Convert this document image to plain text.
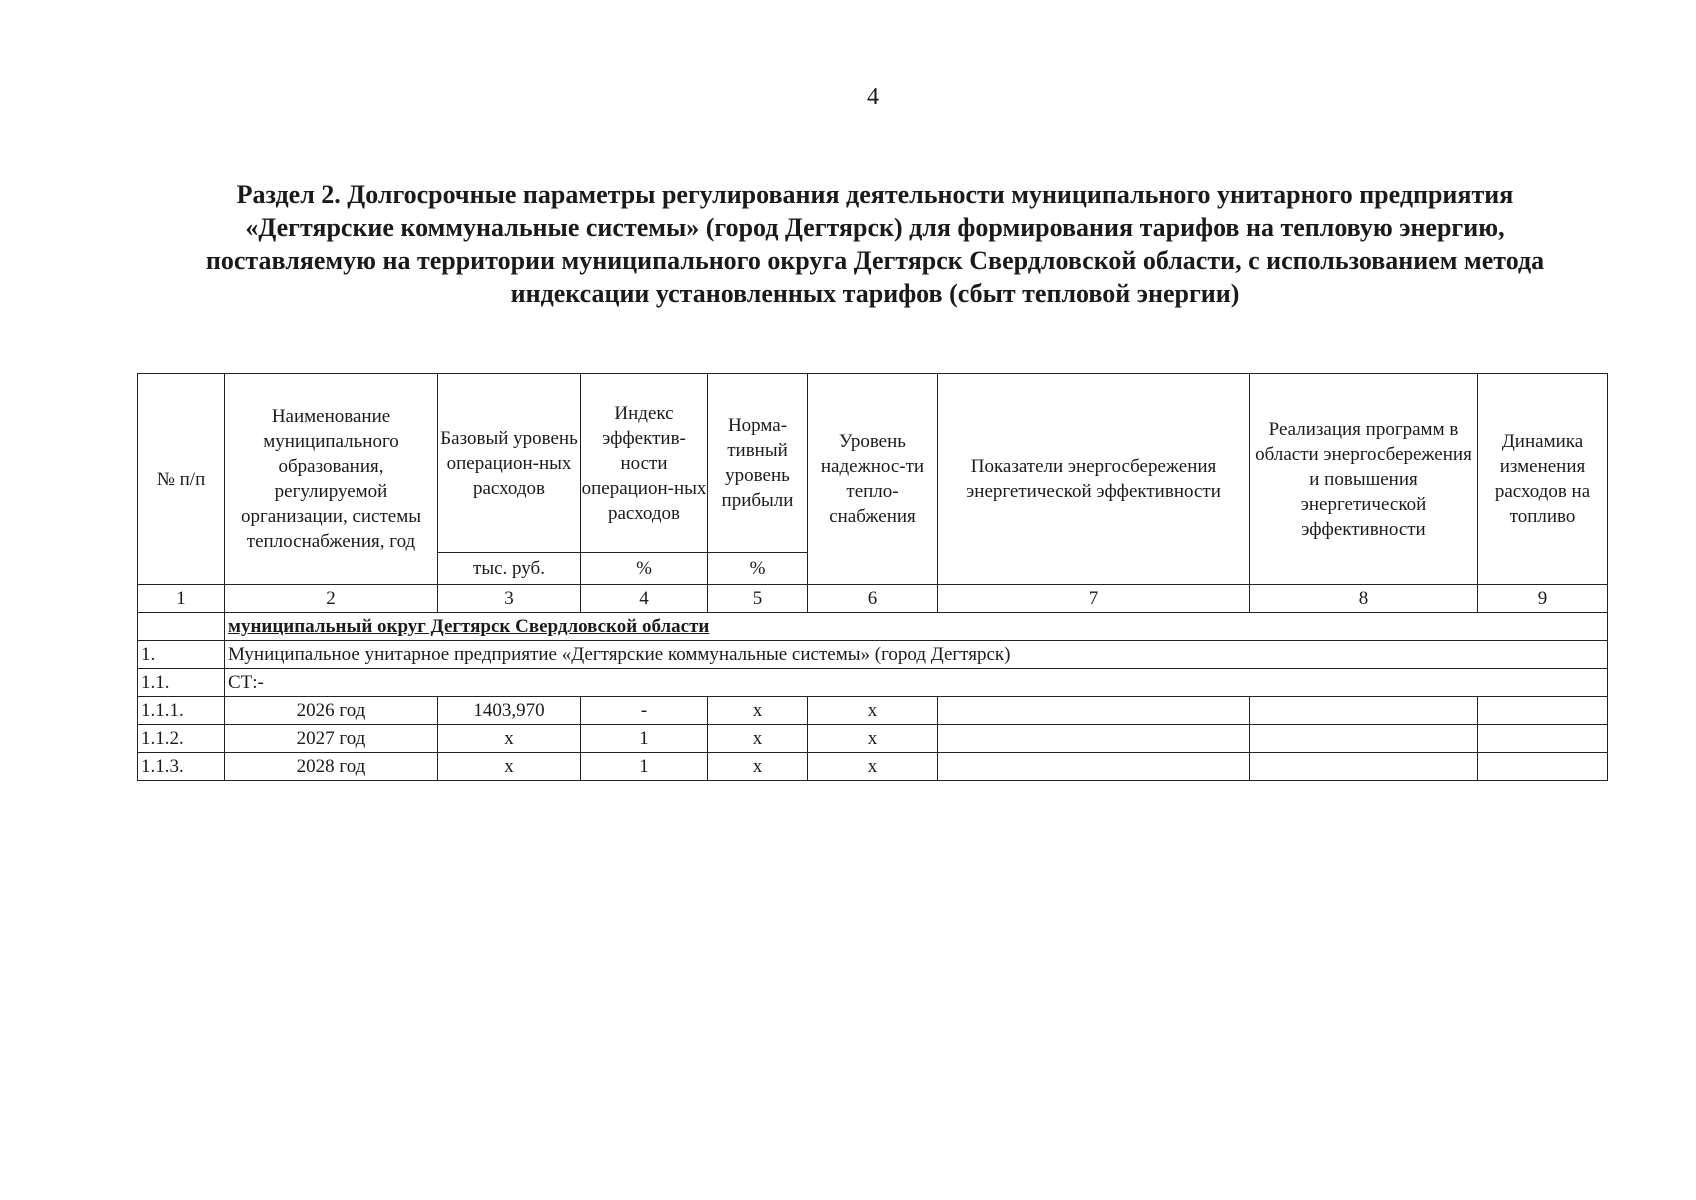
4
Раздел 2. Долгосрочные параметры регулирования деятельности муниципального унитарного предприятия
«Дегтярские коммунальные системы» (город Дегтярск) для формирования тарифов на тепловую энергию,
поставляемую на территории муниципального округа Дегтярск Свердловской области, с использованием метода
индексации установленных тарифов (сбыт тепловой энергии)
№ п/п	Наименование муниципального образования, регулируемой организации, системы теплоснабжения, год	Базовый уровень операцион-ных расходов	Индекс эффектив-ности операцион-ных расходов	Норма-тивный уровень прибыли	Уровень надежнос-ти тепло-снабжения	Показатели энергосбережения энергетической эффективности	Реализация программ в области энергосбережения и повышения энергетической эффективности	Динамика изменения расходов на топливо
		тыс. руб.	%	%				
1	2	3	4	5	6	7	8	9
	муниципальный округ Дегтярск Свердловской области							
1.	Муниципальное унитарное предприятие «Дегтярские коммунальные системы» (город Дегтярск)							
1.1.	СТ:-							
1.1.1.	2026 год	1403,970	-	х	х			
1.1.2.	2027 год	х	1	х	х			
1.1.3.	2028 год	х	1	х	х			
